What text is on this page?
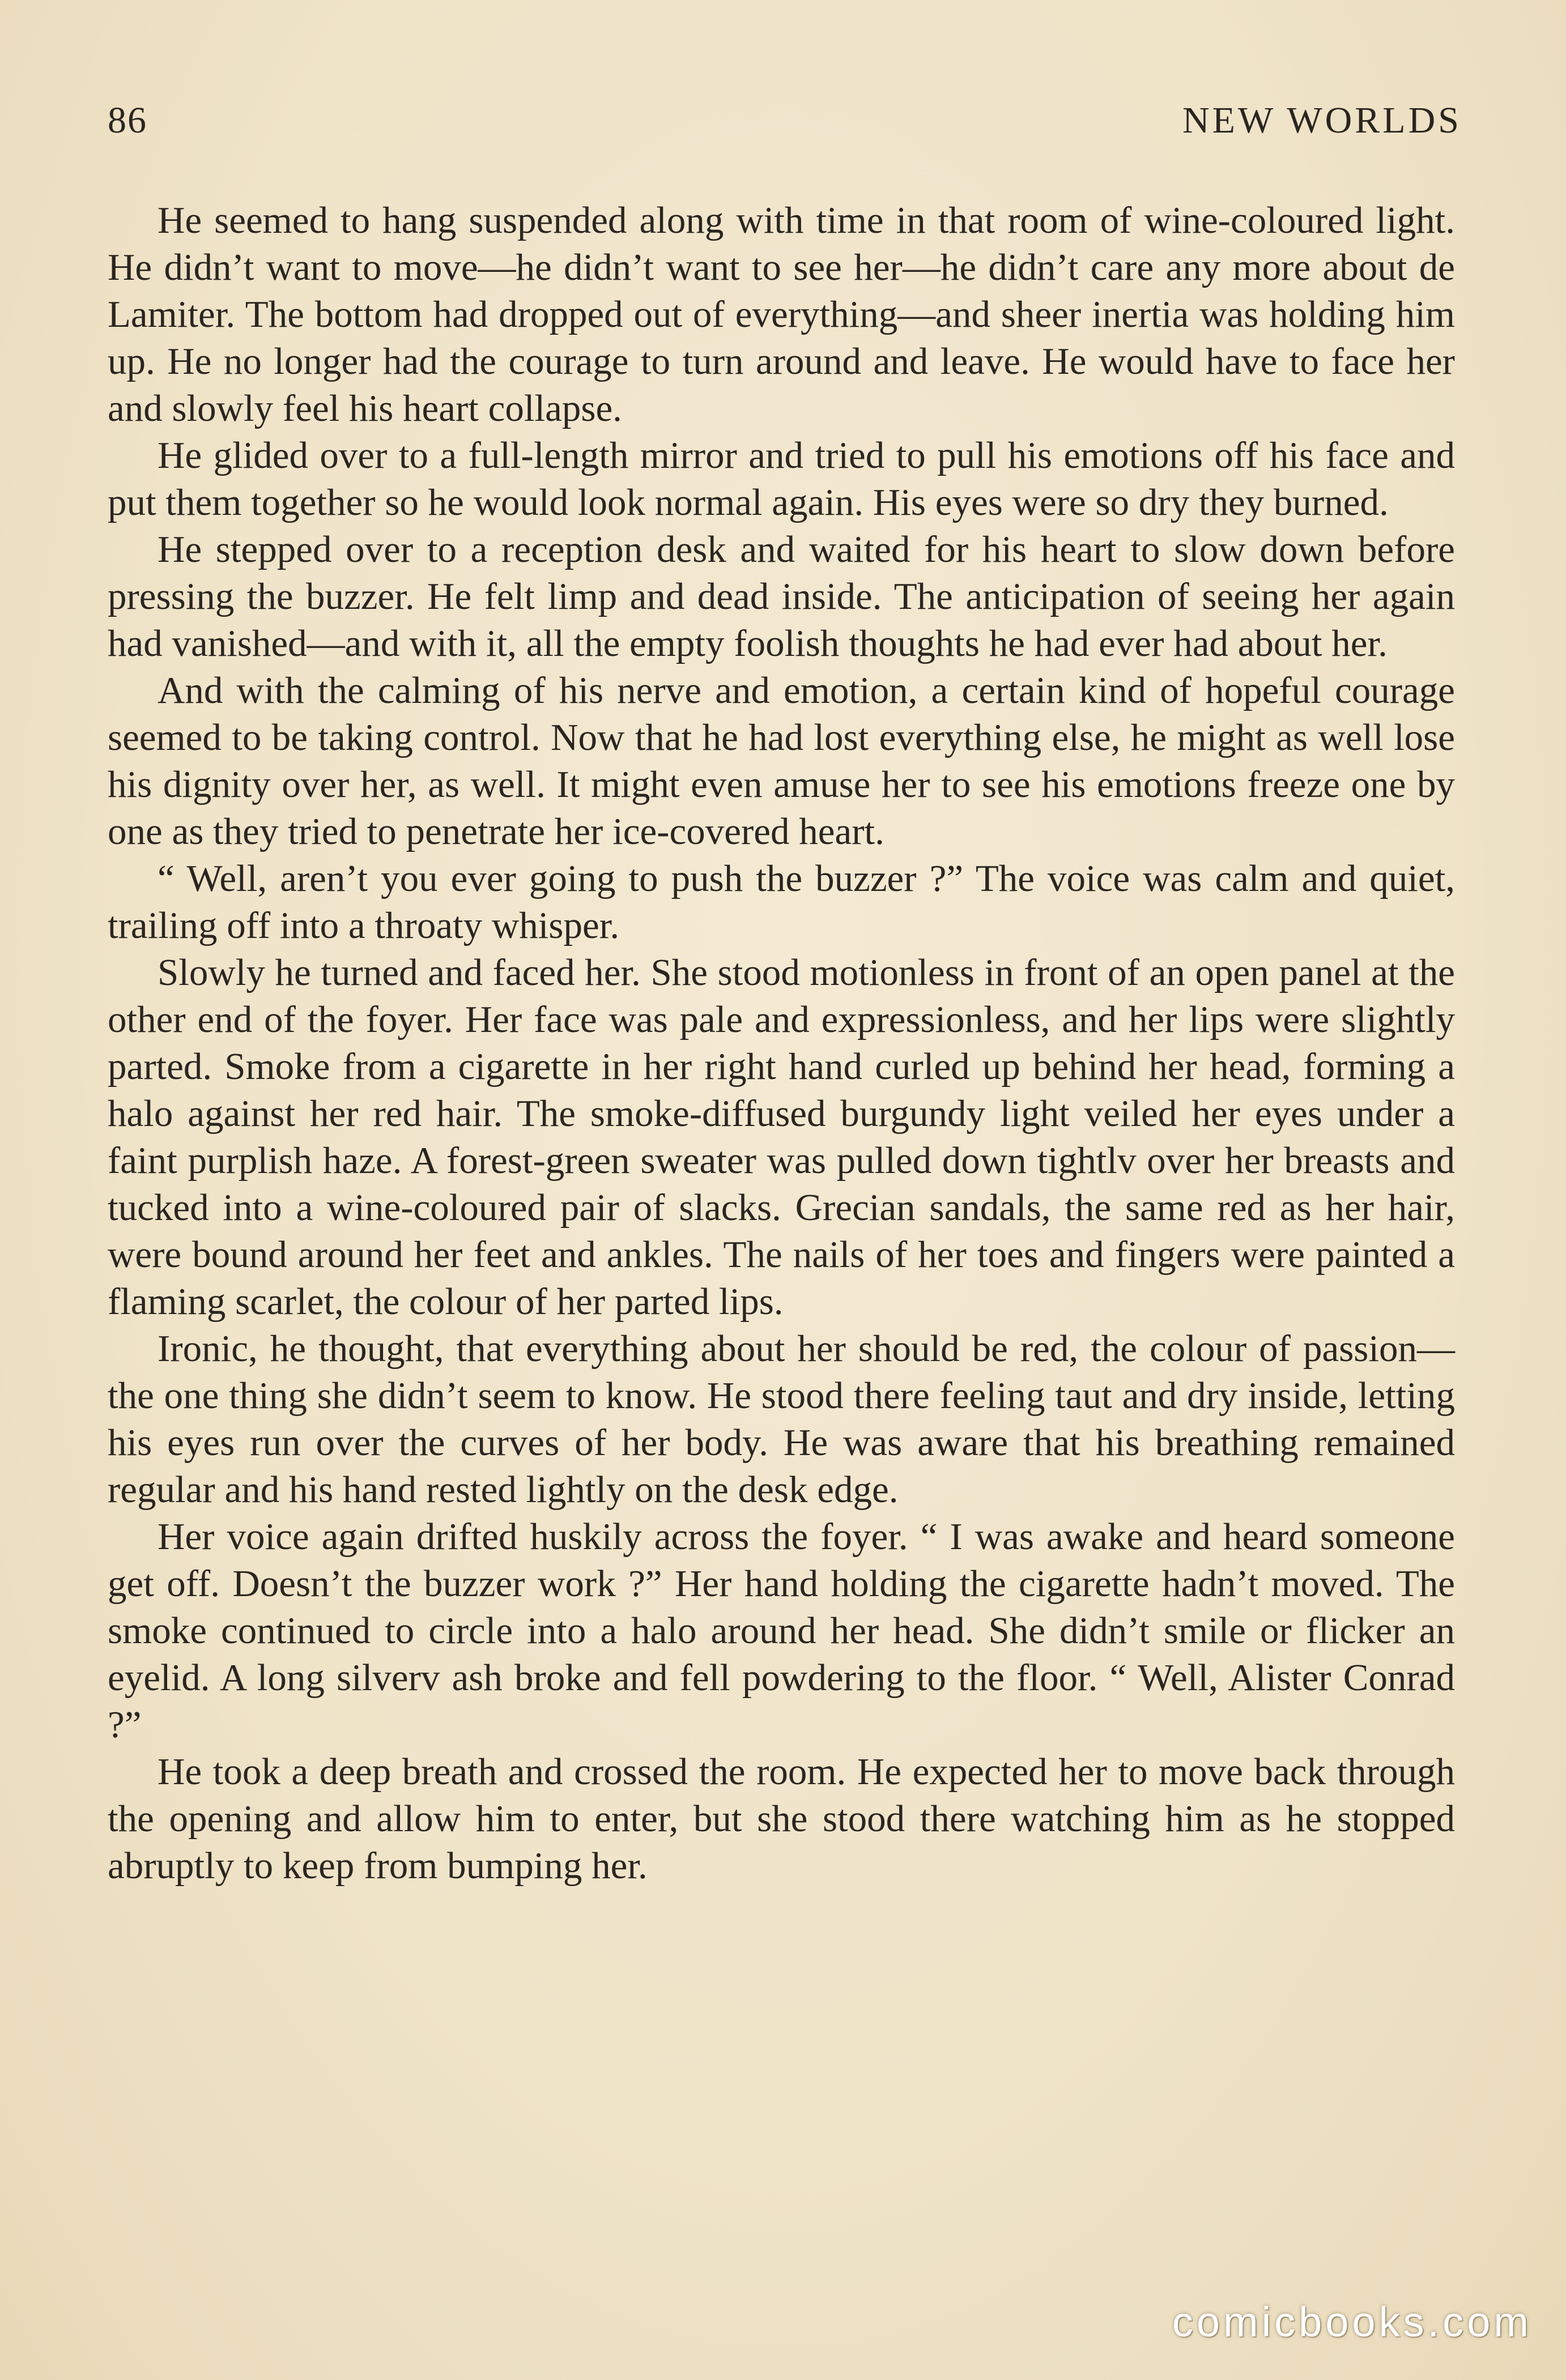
86	NEW WORLDS

He seemed to hang suspended along with time in that room of wine-coloured light. He didn’t want to move—he didn’t want to see her—he didn’t care any more about de Lamiter. The bottom had dropped out of everything—and sheer inertia was holding him up. He no longer had the courage to turn around and leave. He would have to face her and slowly feel his heart collapse.

He glided over to a full-length mirror and tried to pull his emotions off his face and put them together so he would look normal again. His eyes were so dry they burned.

He stepped over to a reception desk and waited for his heart to slow down before pressing the buzzer. He felt limp and dead inside. The anticipation of seeing her again had vanished—and with it, all the empty foolish thoughts he had ever had about her.

And with the calming of his nerve and emotion, a certain kind of hopeful courage seemed to be taking control. Now that he had lost everything else, he might as well lose his dignity over her, as well. It might even amuse her to see his emotions freeze one by one as they tried to penetrate her ice-covered heart.

“ Well, aren’t you ever going to push the buzzer ?” The voice was calm and quiet, trailing off into a throaty whisper.

Slowly he turned and faced her. She stood motionless in front of an open panel at the other end of the foyer. Her face was pale and expressionless, and her lips were slightly parted. Smoke from a cigarette in her right hand curled up behind her head, forming a halo against her red hair. The smoke-diffused burgundy light veiled her eyes under a faint purplish haze. A forest-green sweater was pulled down tightlv over her breasts and tucked into a wine-coloured pair of slacks. Grecian sandals, the same red as her hair, were bound around her feet and ankles. The nails of her toes and fingers were painted a flaming scarlet, the colour of her parted lips.

Ironic, he thought, that everything about her should be red, the colour of passion—the one thing she didn’t seem to know. He stood there feeling taut and dry inside, letting his eyes run over the curves of her body. He was aware that his breathing remained regular and his hand rested lightly on the desk edge.

Her voice again drifted huskily across the foyer. “ I was awake and heard someone get off. Doesn’t the buzzer work ?” Her hand holding the cigarette hadn’t moved. The smoke continued to circle into a halo around her head. She didn’t smile or flicker an eyelid. A long silverv ash broke and fell powdering to the floor. “ Well, Alister Conrad ?”

He took a deep breath and crossed the room. He expected her to move back through the opening and allow him to enter, but she stood there watching him as he stopped abruptly to keep from bumping her.

comicbooks.com
